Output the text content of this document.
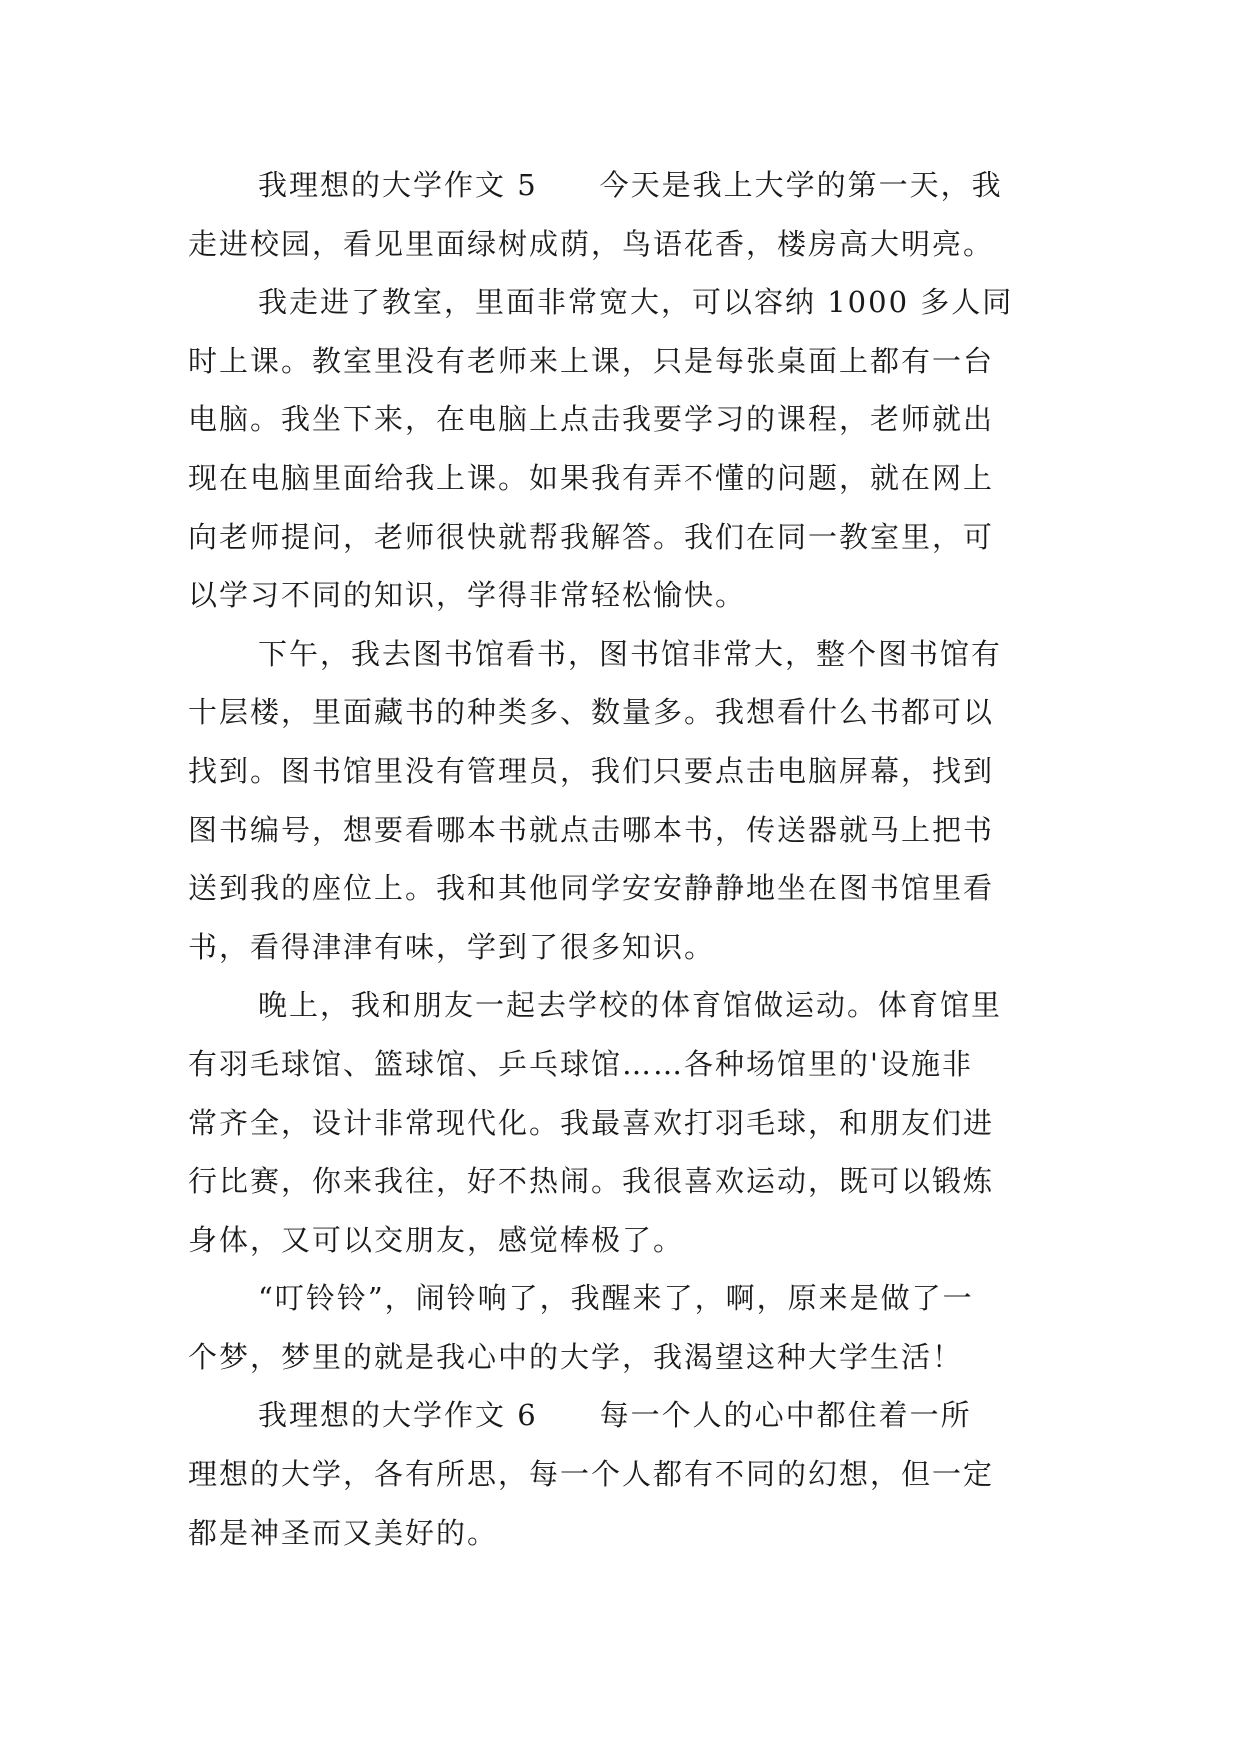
我理想的大学作文 5　　今天是我上大学的第一天，我
走进校园，看见里面绿树成荫，鸟语花香，楼房高大明亮。
我走进了教室，里面非常宽大，可以容纳 1000 多人同
时上课。教室里没有老师来上课，只是每张桌面上都有一台
电脑。我坐下来，在电脑上点击我要学习的课程，老师就出
现在电脑里面给我上课。如果我有弄不懂的问题，就在网上
向老师提问，老师很快就帮我解答。我们在同一教室里，可
以学习不同的知识，学得非常轻松愉快。
下午，我去图书馆看书，图书馆非常大，整个图书馆有
十层楼，里面藏书的种类多、数量多。我想看什么书都可以
找到。图书馆里没有管理员，我们只要点击电脑屏幕，找到
图书编号，想要看哪本书就点击哪本书，传送器就马上把书
送到我的座位上。我和其他同学安安静静地坐在图书馆里看
书，看得津津有味，学到了很多知识。
晚上，我和朋友一起去学校的体育馆做运动。体育馆里
有羽毛球馆、篮球馆、乒乓球馆……各种场馆里的'设施非
常齐全，设计非常现代化。我最喜欢打羽毛球，和朋友们进
行比赛，你来我往，好不热闹。我很喜欢运动，既可以锻炼
身体，又可以交朋友，感觉棒极了。
“叮铃铃”，闹铃响了，我醒来了，啊，原来是做了一
个梦，梦里的就是我心中的大学，我渴望这种大学生活！
我理想的大学作文 6　　每一个人的心中都住着一所
理想的大学，各有所思，每一个人都有不同的幻想，但一定
都是神圣而又美好的。
